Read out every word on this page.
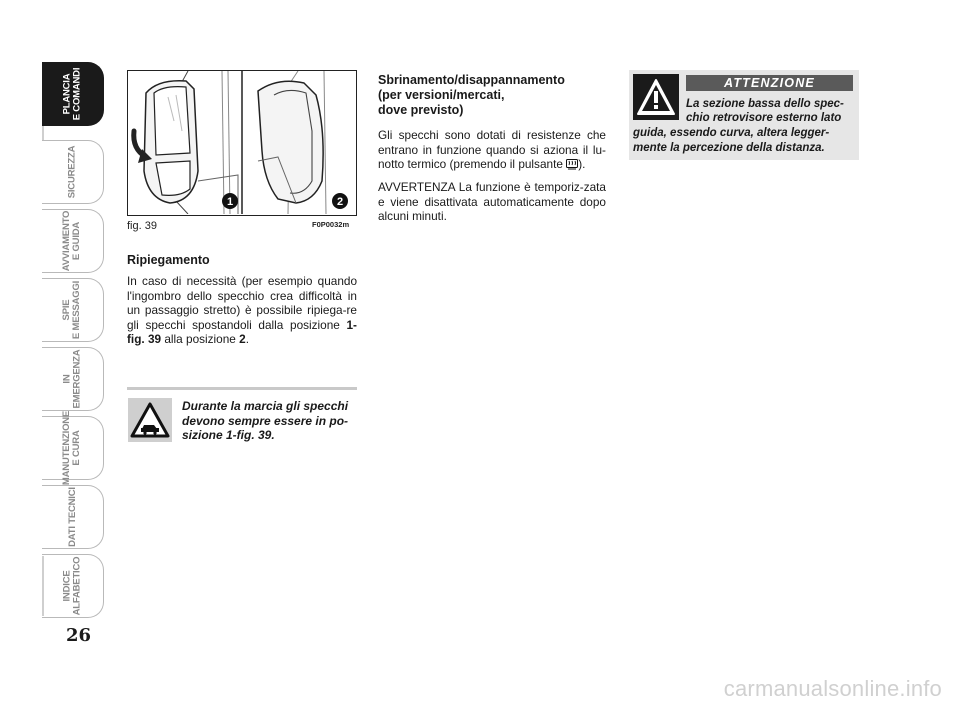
PLANCIA
E COMANDI
SICUREZZA
AVVIAMENTO
E GUIDA
SPIE
E MESSAGGI
IN
EMERGENZA
MANUTENZIONE
E CURA
DATI TECNICI
INDICE
ALFABETICO
26
1	2
fig. 39	F0P0032m
Ripiegamento
In caso di necessità (per esempio quando l'ingombro dello specchio crea difficoltà in un passaggio stretto) è possibile ripiega-re gli specchi spostandoli dalla posizione 1-fig. 39 alla posizione 2.
Durante la marcia gli specchi devono sempre essere in po-sizione 1-fig. 39.
Sbrinamento/disappannamento
(per versioni/mercati,
dove previsto)
Gli specchi sono dotati di resistenze che entrano in funzione quando si aziona il lu-notto termico (premendo il pulsante ).
AVVERTENZA La funzione è temporiz-zata e viene disattivata automaticamente dopo alcuni minuti.
ATTENZIONE
La sezione bassa dello spec-
chio retrovisore esterno lato
guida, essendo curva, altera legger-
mente la percezione della distanza.
carmanualsonline.info
